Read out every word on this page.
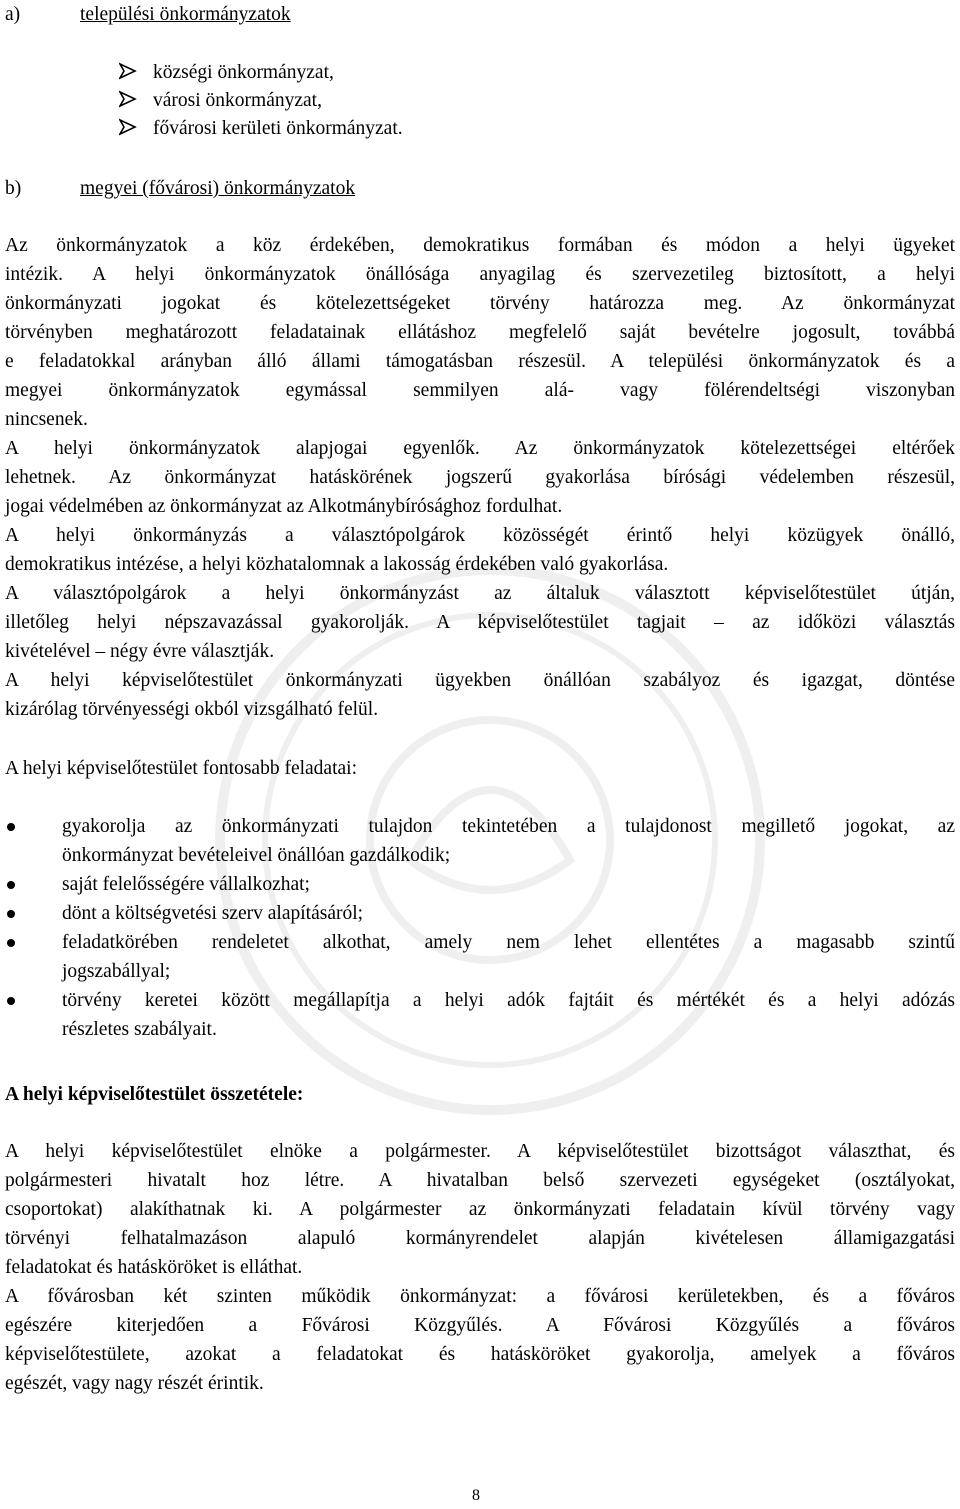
a)	települési önkormányzatok
községi önkormányzat,
városi önkormányzat,
fővárosi kerületi önkormányzat.
b)	megyei (fővárosi) önkormányzatok
Az önkormányzatok a köz érdekében, demokratikus formában és módon a helyi ügyeket
intézik. A helyi önkormányzatok önállósága anyagilag és szervezetileg biztosított, a helyi
önkormányzati jogokat és kötelezettségeket törvény határozza meg. Az önkormányzat
törvényben meghatározott feladatainak ellátáshoz megfelelő saját bevételre jogosult, továbbá
e feladatokkal arányban álló állami támogatásban részesül. A települési önkormányzatok és a
megyei önkormányzatok egymással semmilyen alá- vagy fölérendeltségi viszonyban
nincsenek.
A helyi önkormányzatok alapjogai egyenlők. Az önkormányzatok kötelezettségei eltérőek
lehetnek. Az önkormányzat hatáskörének jogszerű gyakorlása bírósági védelemben részesül,
jogai védelmében az önkormányzat az Alkotmánybírósághoz fordulhat.
A helyi önkormányzás a választópolgárok közösségét érintő helyi közügyek önálló,
demokratikus intézése, a helyi közhatalomnak a lakosság érdekében való gyakorlása.
A választópolgárok a helyi önkormányzást az általuk választott képviselőtestület útján,
illetőleg helyi népszavazással gyakorolják. A képviselőtestület tagjait – az időközi választás
kivételével – négy évre választják.
A helyi képviselőtestület önkormányzati ügyekben önállóan szabályoz és igazgat, döntése
kizárólag törvényességi okból vizsgálható felül.
A helyi képviselőtestület fontosabb feladatai:
gyakorolja az önkormányzati tulajdon tekintetében a tulajdonost megillető jogokat, az
önkormányzat bevételeivel önállóan gazdálkodik;
saját felelősségére vállalkozhat;
dönt a költségvetési szerv alapításáról;
feladatkörében rendeletet alkothat, amely nem lehet ellentétes a magasabb szintű
jogszabállyal;
törvény keretei között megállapítja a helyi adók fajtáit és mértékét és a helyi adózás
részletes szabályait.
A helyi képviselőtestület összetétele:
A helyi képviselőtestület elnöke a polgármester. A képviselőtestület bizottságot választhat, és
polgármesteri hivatalt hoz létre. A hivatalban belső szervezeti egységeket (osztályokat,
csoportokat) alakíthatnak ki. A polgármester az önkormányzati feladatain kívül törvény vagy
törvényi felhatalmazáson alapuló kormányrendelet alapján kivételesen államigazgatási
feladatokat és hatásköröket is elláthat.
A fővárosban két szinten működik önkormányzat: a fővárosi kerületekben, és a főváros
egészére kiterjedően a Fővárosi Közgyűlés. A Fővárosi Közgyűlés a főváros
képviselőtestülete, azokat a feladatokat és hatásköröket gyakorolja, amelyek a főváros
egészét, vagy nagy részét érintik.
8
